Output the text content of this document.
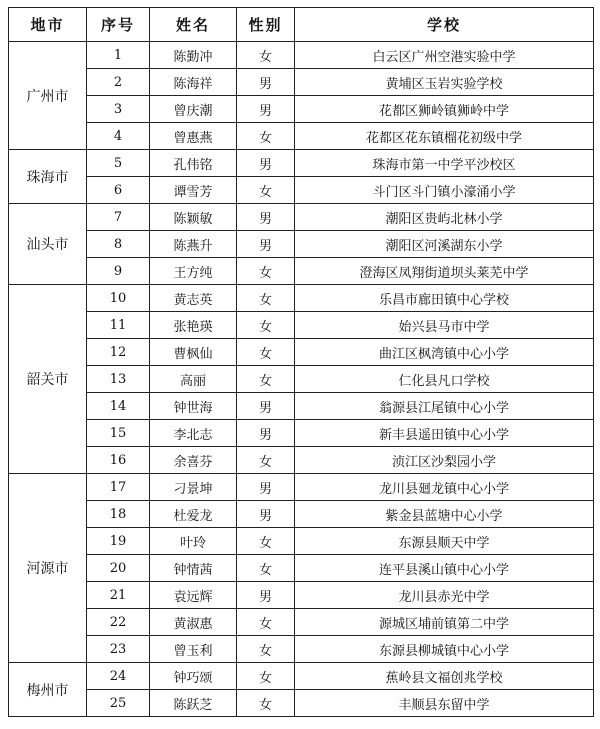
地市	序号	姓名	性别	学校
广州市	1	陈勤冲	女	白云区广州空港实验中学
	2	陈海祥	男	黄埔区玉岩实验学校
	3	曾庆潮	男	花都区狮岭镇狮岭中学
	4	曾惠燕	女	花都区花东镇榴花初级中学
珠海市	5	孔伟铭	男	珠海市第一中学平沙校区
	6	谭雪芳	女	斗门区斗门镇小濠涌小学
汕头市	7	陈颖敏	男	潮阳区贵屿北林小学
	8	陈燕升	男	潮阳区河溪湖东小学
	9	王方纯	女	澄海区凤翔街道坝头莱芜中学
韶关市	10	黄志英	女	乐昌市廊田镇中心学校
	11	张艳瑛	女	始兴县马市中学
	12	曹枫仙	女	曲江区枫湾镇中心小学
	13	高丽	女	仁化县凡口学校
	14	钟世海	男	翁源县江尾镇中心小学
	15	李北志	男	新丰县遥田镇中心小学
	16	余喜芬	女	浈江区沙梨园小学
河源市	17	刁景坤	男	龙川县廻龙镇中心小学
	18	杜爱龙	男	紫金县蓝塘中心小学
	19	叶玲	女	东源县顺天中学
	20	钟情茜	女	连平县溪山镇中心小学
	21	袁远辉	男	龙川县赤光中学
	22	黄淑惠	女	源城区埔前镇第二中学
	23	曾玉利	女	东源县柳城镇中心小学
梅州市	24	钟巧颂	女	蕉岭县文福创兆学校
	25	陈跃芝	女	丰顺县东留中学
